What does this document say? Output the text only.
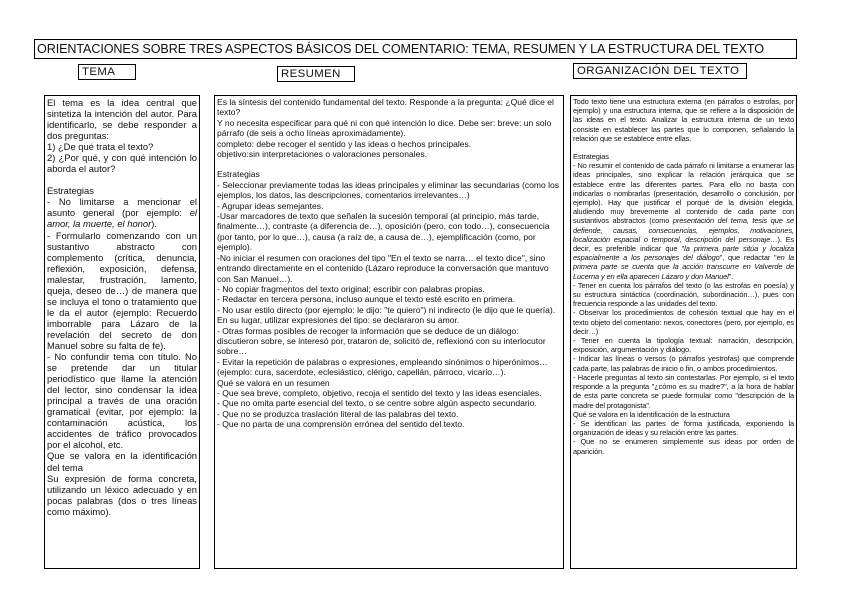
ORIENTACIONES SOBRE TRES ASPECTOS BÁSICOS DEL COMENTARIO: TEMA, RESUMEN Y LA ESTRUCTURA DEL TEXTO
TEMA	RESUMEN	ORGANIZACIÓN DEL TEXTO

El tema es la idea central que sintetiza la intención del autor. Para identificarlo, se debe responder a dos preguntas:

1) ¿De qué trata el texto?

2) ¿Por qué, y con qué intención lo aborda el autor?

Estrategias

- No limitarse a mencionar el asunto general (por ejemplo: el amor, la muerte, el honor).

- Formularlo comenzando con un sustantivo abstracto con complemento (crítica, denuncia, reflexión, exposición, defensa, malestar, frustración, lamento, queja, deseo de…) de manera que se incluya el tono o tratamiento que le da el autor (ejemplo: Recuerdo imborrable para Lázaro de la revelación del secreto de don Manuel sobre su falta de fe).

- No confundir tema con título. No se pretende dar un titular periodístico que llame la atención del lector, sino condensar la idea principal a través de una oración gramatical (evitar, por ejemplo: la contaminación acústica, los accidentes de tráfico provocados por el alcohol, etc.

Que se valora en la identificación del tema

Su expresión de forma concreta, utilizando un léxico adecuado y en pocas palabras (dos o tres líneas como máximo).

Es la síntesis del contenido fundamental del texto. Responde a la pregunta: ¿Qué dice el texto?

Y no necesita especificar para qué ni con qué intención lo dice. Debe ser: breve: un solo párrafo (de seis a ocho líneas aproximadamente).

completo: debe recoger el sentido y las ideas o hechos principales.

objetivo:sin interpretaciones o valoraciones personales.

Estrategias

- Seleccionar previamente todas las ideas principales y eliminar las secundarias (como los ejemplos, los datos, las descripciones, comentarios irrelevantes…)

- Agrupar ideas semejantes.

-Usar marcadores de texto que señalen la sucesión temporal (al principio, más tarde, finalmente…), contraste (a diferencia de…), oposición (pero, con todo…), consecuencia (por tanto, por lo que…), causa (a raíz de, a causa de…), ejemplificación (como, por ejemplo).

-No iniciar el resumen con oraciones del tipo "En el texto se narra… el texto dice", sino entrando directamente en el contenido (Lázaro reproduce la conversación que mantuvo con San Manuel…).

- No copiar fragmentos del texto original; escribir con palabras propias.

- Redactar en tercera persona, incluso aunque el texto esté escrito en primera.

- No usar estilo directo (por ejemplo: le dijo: "te quiero") ni indirecto (le dijo que le quería). En su lugar, utilizar expresiones del tipo: se declararon su amor.

- Otras formas posibles de recoger la información que se deduce de un diálogo: discutieron sobre, se interesó por, trataron de, solicitó de, reflexionó con su interlocutor sobre…

- Evitar la repetición de palabras o expresiones, empleando sinónimos o hiperónimos… (ejemplo: cura, sacerdote, eclesiástico, clérigo, capellán, párroco, vicario…).

Qué se valora en un resumen

- Que sea breve, completo, objetivo, recoja el sentido del texto y las ideas esenciales.

- Que no omita parte esencial del texto, o se centre sobre algún aspecto secundario.

- Que no se produzca traslación literal de las palabras del texto.

- Que no parta de una comprensión errónea del sentido del texto.

Todo texto tiene una estructura externa (en párrafos o estrofas, por ejemplo) y una estructura interna, que se refiere a la disposición de las ideas en el texto. Analizar la estructura interna de un texto consiste en establecer las partes que lo componen, señalando la relación que se establece entre ellas.

Estrategias

- No resumir el contenido de cada párrafo ni limitarse a enumerar las ideas principales, sino explicar la relación jerárquica que se establece entre las diferentes partes. Para ello no basta con indicarlas o nombrarlas (presentación, desarrollo o conclusión, por ejemplo). Hay que justificar el porqué de la división elegida, aludiendo muy brevemente al contenido de cada parte con sustantivos abstractos (como presentación del tema, tesis que se defiende, causas, consecuencias, ejemplos, motivaciones, localización espacial o temporal, descripción del personaje…). Es decir, es preferible indicar que "la primera parte sitúa y localiza espacialmente a los personajes del diálogo", que redactar "en la primera parte se cuenta que la acción transcurre en Valverde de Lucerna y en ella aparecen Lázaro y don Manuel".

- Tener en cuenta los párrafos del texto (o las estrofas en poesía) y su estructura sintáctica (coordinación, subordinación…), pues con frecuencia responde a las unidades del texto.

- Observar los procedimientos de cohesión textual que hay en el texto objeto del comentario: nexos, conectores (pero, por ejemplo, es decir…)

- Tener en cuenta la tipología textual: narración, descripción, exposición, argumentación y diálogo.

- Indicar las líneas o versos (o párrafos yestrofas) que comprende cada parte, las palabras de inicio o fin, o ambos procedimientos.

- Hacerle preguntas al texto sin contestarlas. Por ejemplo, si el texto responde a la pregunta "¿cómo es su madre?", a la hora de hablar de esta parte concreta se puede formular como "descripción de la madre del protagonista".

Qué se valora en la identificación de la estructura

- Se identifican las partes de forma justificada, exponiendo la organización de ideas y su relación entre las partes.

- Que no se enumeren simplemente sus ideas por orden de aparición.
